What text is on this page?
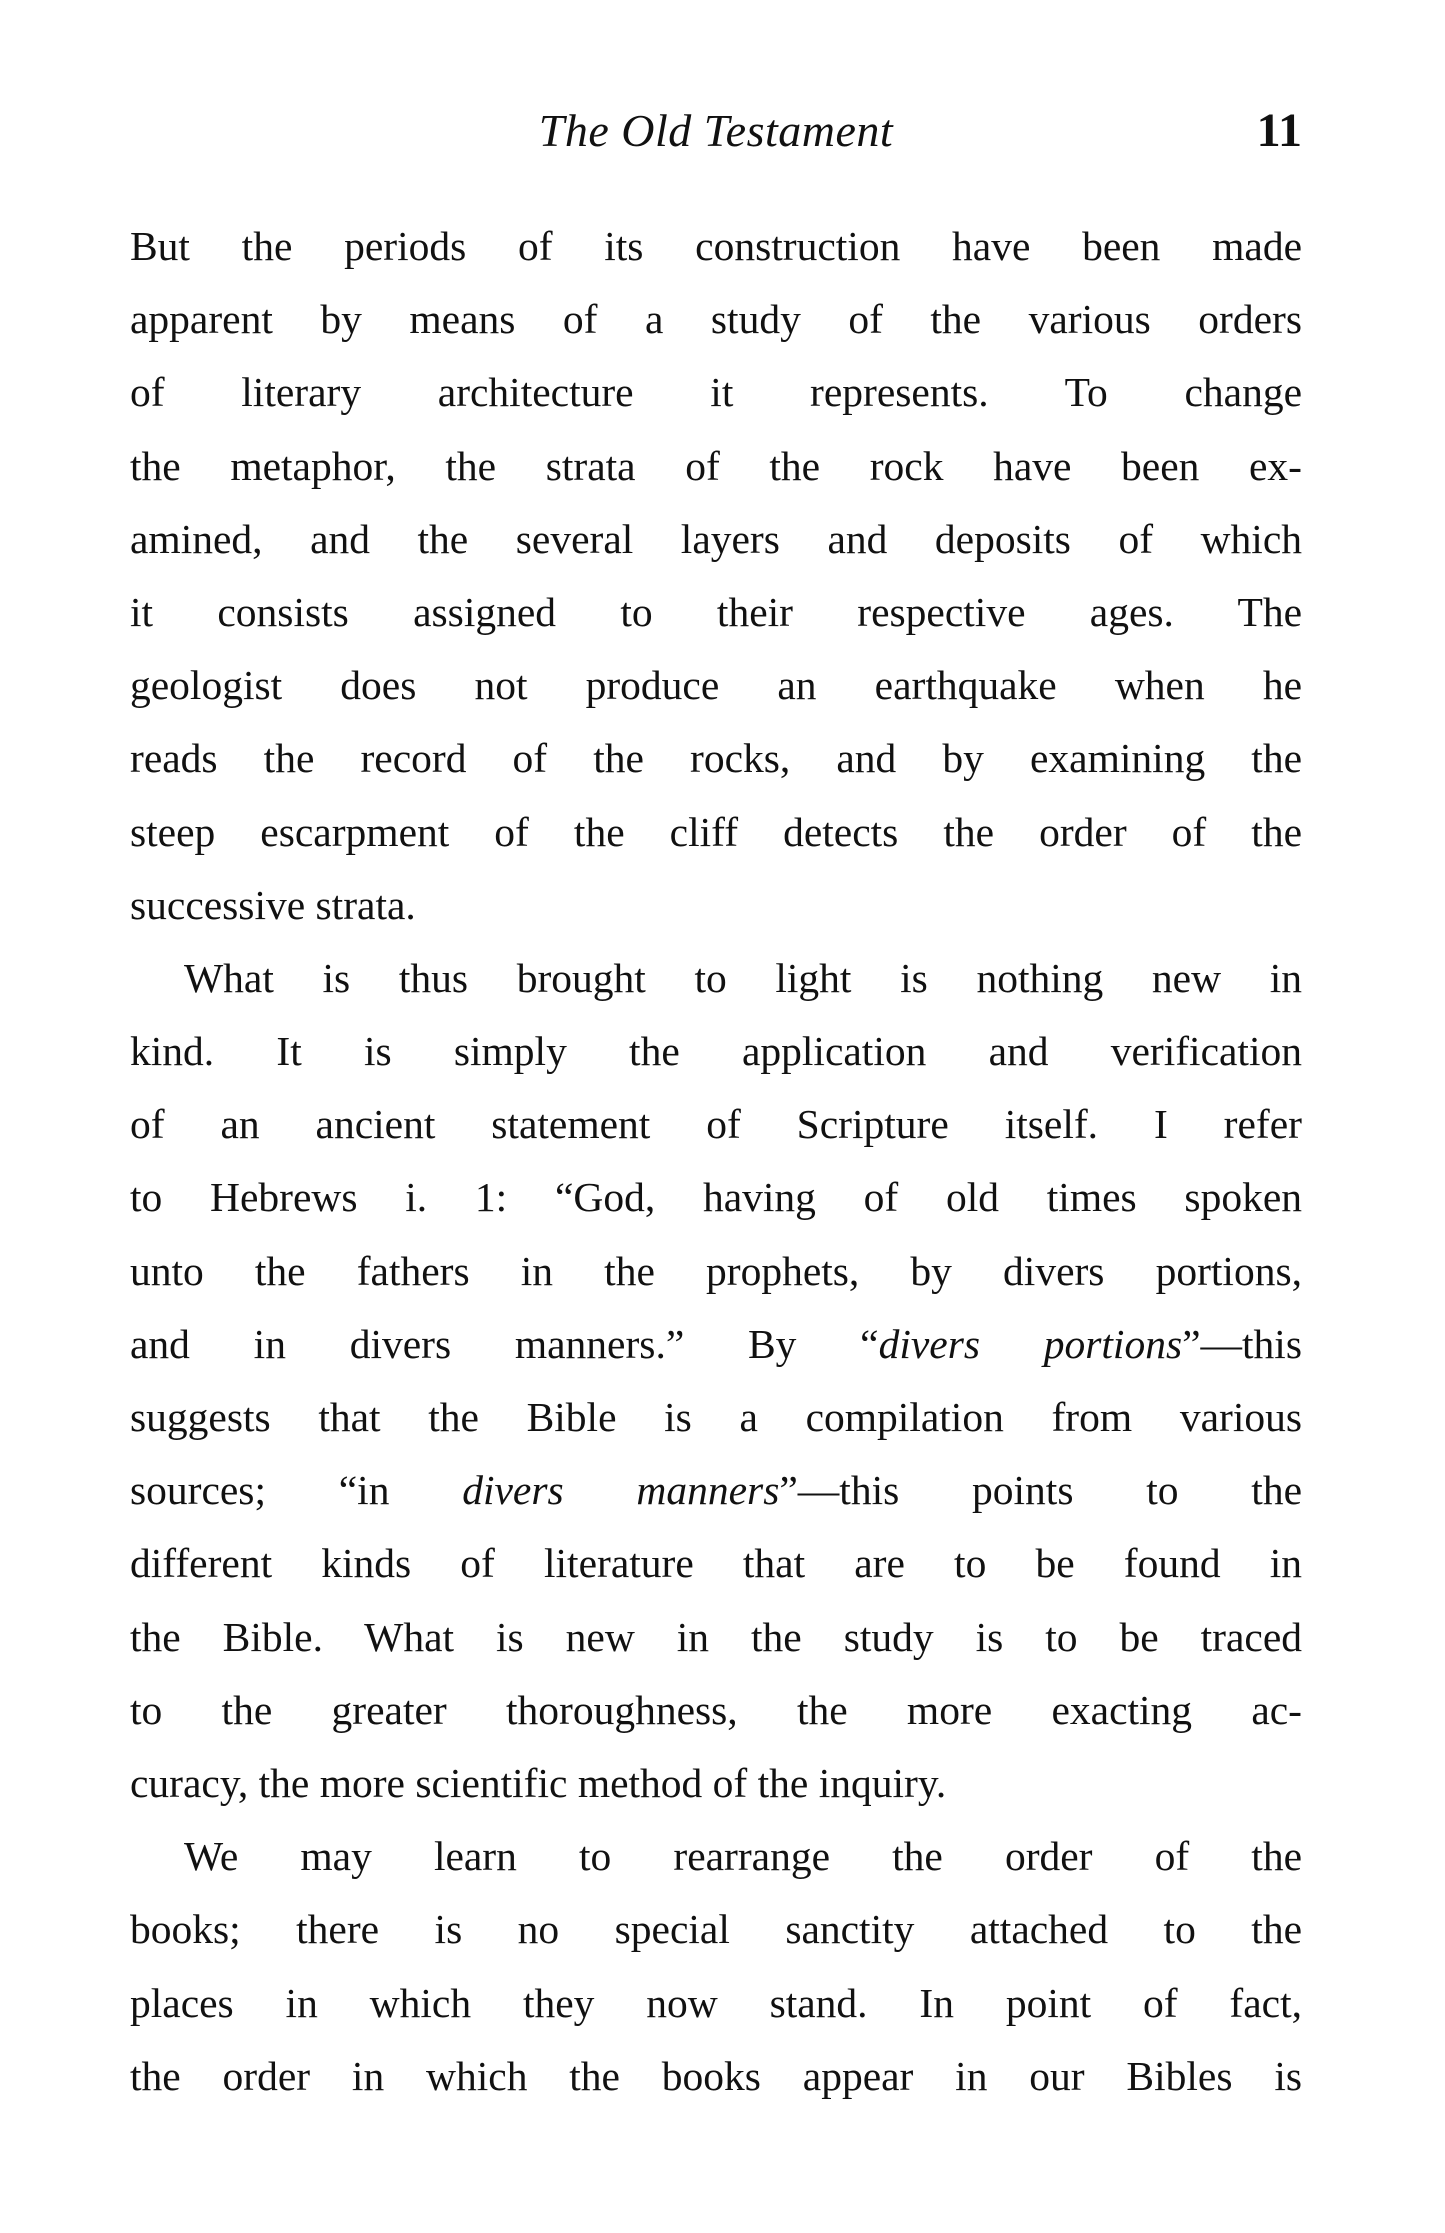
The Old Testament	11
But the periods of its construction have been made
apparent by means of a study of the various orders
of literary architecture it represents. To change
the metaphor, the strata of the rock have been ex-
amined, and the several layers and deposits of which
it consists assigned to their respective ages. The
geologist does not produce an earthquake when he
reads the record of the rocks, and by examining the
steep escarpment of the cliff detects the order of the
successive strata.
What is thus brought to light is nothing new in
kind. It is simply the application and verification
of an ancient statement of Scripture itself. I refer
to Hebrews i. 1: “God, having of old times spoken
unto the fathers in the prophets, by divers portions,
and in divers manners.” By “divers portions”—this
suggests that the Bible is a compilation from various
sources; “in divers manners”—this points to the
different kinds of literature that are to be found in
the Bible. What is new in the study is to be traced
to the greater thoroughness, the more exacting ac-
curacy, the more scientific method of the inquiry.
We may learn to rearrange the order of the
books; there is no special sanctity attached to the
places in which they now stand. In point of fact,
the order in which the books appear in our Bibles is
